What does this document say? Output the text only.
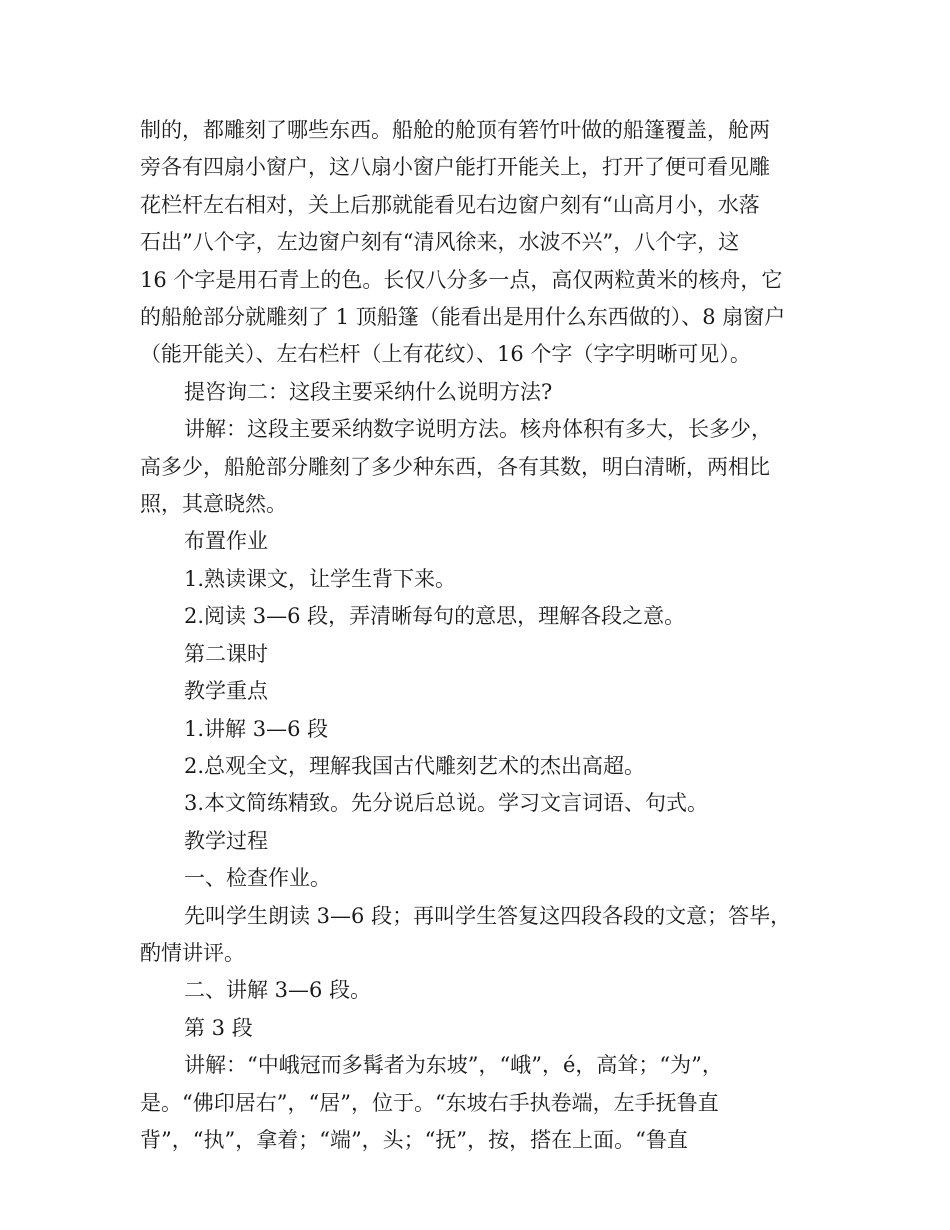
制的，都雕刻了哪些东西。船舱的舱顶有箬竹叶做的船篷覆盖，舱两
旁各有四扇小窗户，这八扇小窗户能打开能关上，打开了便可看见雕
花栏杆左右相对，关上后那就能看见右边窗户刻有“山高月小，水落
石出”八个字，左边窗户刻有“清风徐来，水波不兴”，八个字，这
16 个字是用石青上的色。长仅八分多一点，高仅两粒黄米的核舟，它
的船舱部分就雕刻了 1 顶船篷（能看出是用什么东西做的）、8 扇窗户
（能开能关）、左右栏杆（上有花纹）、16 个字（字字明晰可见）。
提咨询二：这段主要采纳什么说明方法?
讲解：这段主要采纳数字说明方法。核舟体积有多大，长多少，
高多少，船舱部分雕刻了多少种东西，各有其数，明白清晰，两相比
照，其意晓然。
布置作业
1.熟读课文，让学生背下来。
2.阅读 3—6 段，弄清晰每句的意思，理解各段之意。
第二课时
教学重点
1.讲解 3—6 段
2.总观全文，理解我国古代雕刻艺术的杰出高超。
3.本文简练精致。先分说后总说。学习文言词语、句式。
教学过程
一、检查作业。
先叫学生朗读 3—6 段；再叫学生答复这四段各段的文意；答毕，
酌情讲评。
二、讲解 3—6 段。
第 3 段
讲解：“中峨冠而多髯者为东坡”，“峨”，é，高耸；“为”，
是。“佛印居右”，“居”，位于。“东坡右手执卷端，左手抚鲁直
背”，“执”，拿着；“端”，头；“抚”，按，搭在上面。“鲁直
